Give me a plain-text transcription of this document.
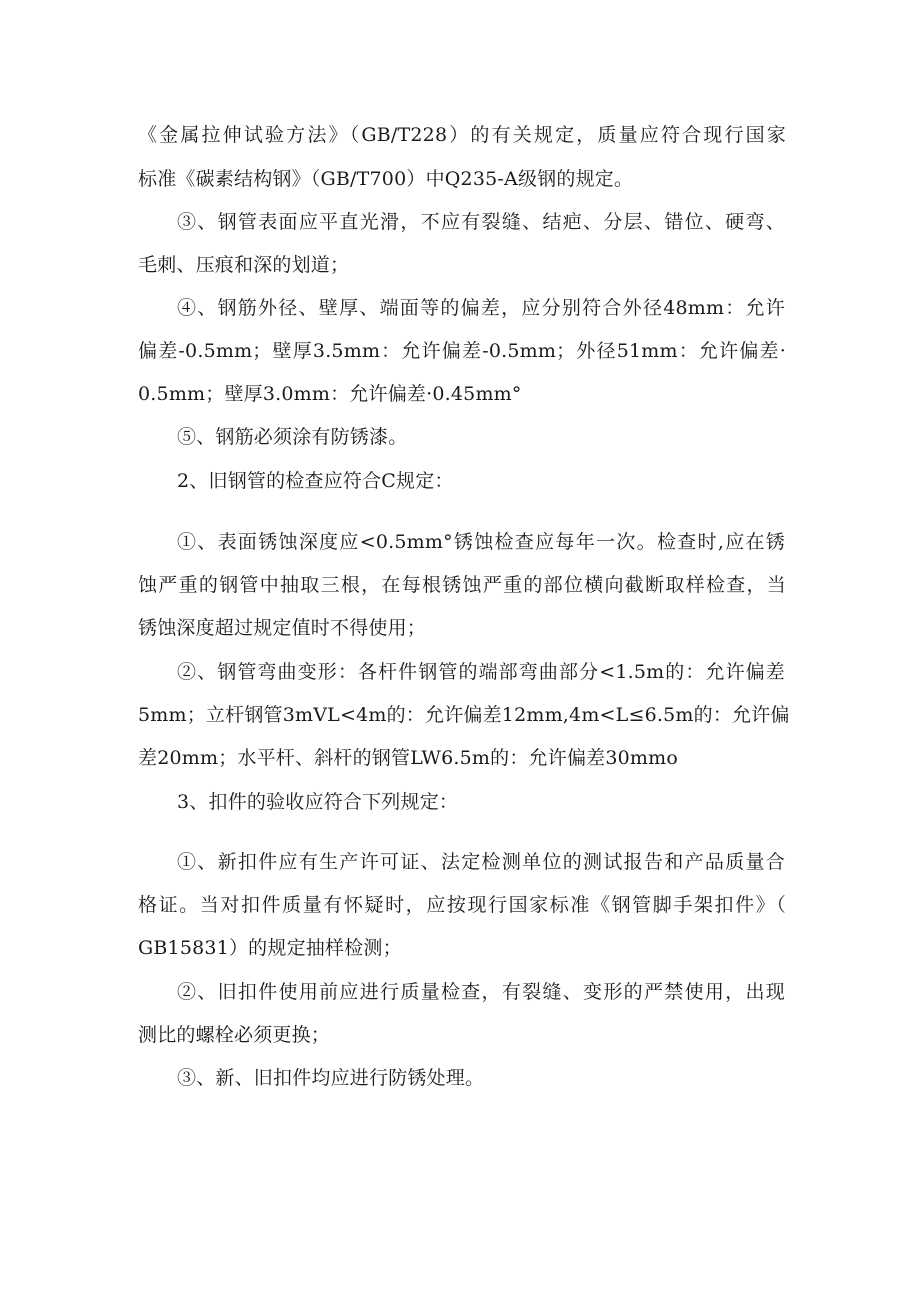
《金属拉伸试验方法》（GB/T228）的有关规定，质量应符合现行国家
标准《碳素结构钢》（GB/T700）中Q235-A级钢的规定。
③、钢管表面应平直光滑，不应有裂缝、结疤、分层、错位、硬弯、
毛刺、压痕和深的划道；
④、钢筋外径、壁厚、端面等的偏差，应分别符合外径48mm：允许
偏差-0.5mm；壁厚3.5mm：允许偏差-0.5mm；外径51mm：允许偏差·
0.5mm；壁厚3.0mm：允许偏差·0.45mm°
⑤、钢筋必须涂有防锈漆。
2、旧钢管的检查应符合C规定：
①、表面锈蚀深度应<0.5mm°锈蚀检查应每年一次。检查时,应在锈
蚀严重的钢管中抽取三根，在每根锈蚀严重的部位横向截断取样检查，当
锈蚀深度超过规定值时不得使用；
②、钢管弯曲变形：各杆件钢管的端部弯曲部分<1.5m的：允许偏差
5mm；立杆钢管3mVL<4m的：允许偏差12mm,4m<L≤6.5m的：允许偏
差20mm；水平杆、斜杆的钢管LW6.5m的：允许偏差30mmo
3、扣件的验收应符合下列规定：
①、新扣件应有生产许可证、法定检测单位的测试报告和产品质量合
格证。当对扣件质量有怀疑时，应按现行国家标准《钢管脚手架扣件》（
GB15831）的规定抽样检测；
②、旧扣件使用前应进行质量检查，有裂缝、变形的严禁使用，出现
测比的螺栓必须更换；
③、新、旧扣件均应进行防锈处理。
